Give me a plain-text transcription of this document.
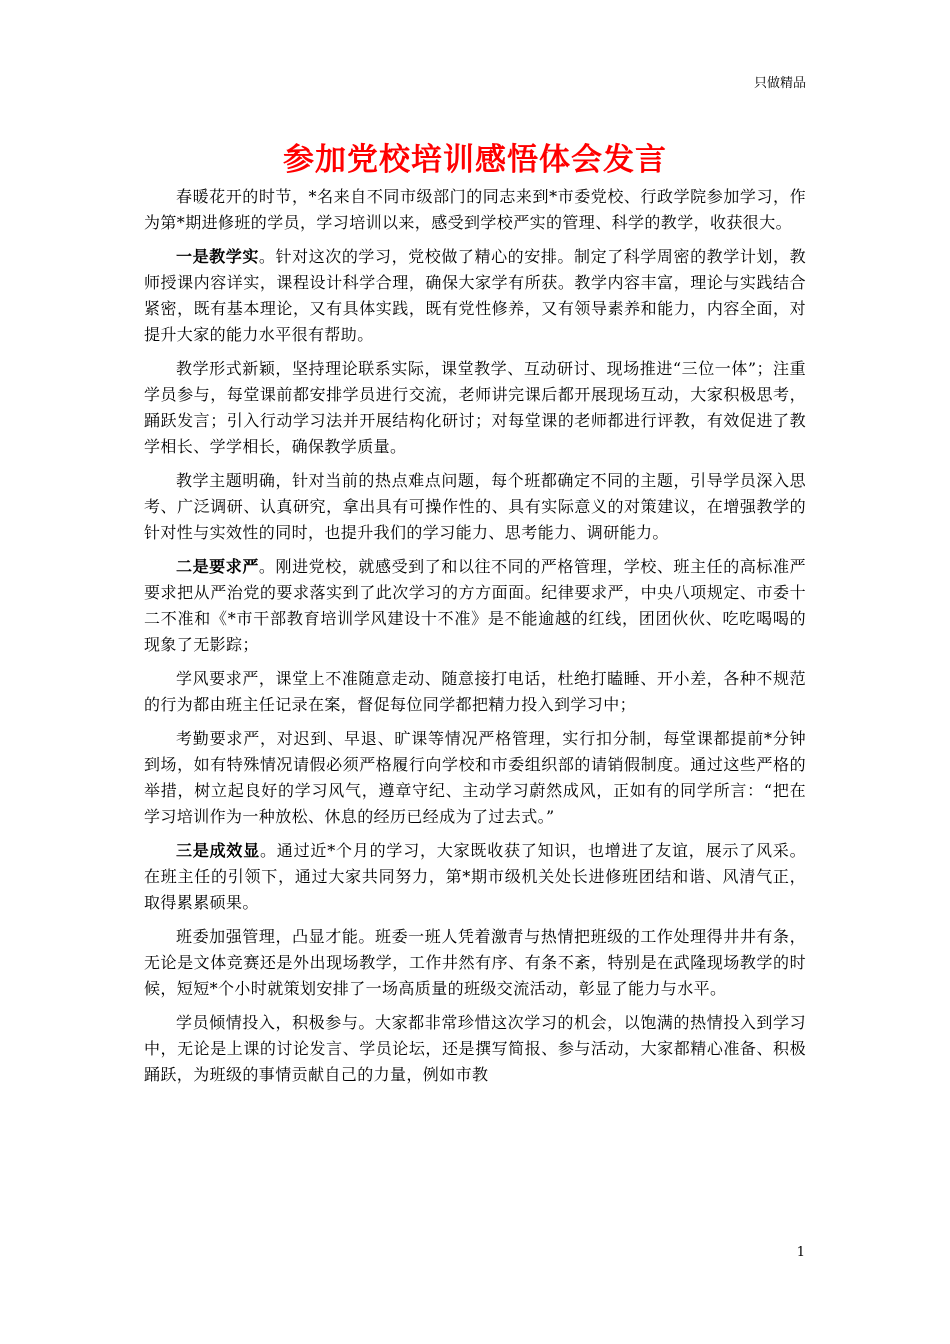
只做精品
参加党校培训感悟体会发言

春暖花开的时节，*名来自不同市级部门的同志来到*市委党校、行政学院参加学习，作为第*期进修班的学员，学习培训以来，感受到学校严实的管理、科学的教学，收获很大。

一是教学实。针对这次的学习，党校做了精心的安排。制定了科学周密的教学计划，教师授课内容详实，课程设计科学合理，确保大家学有所获。教学内容丰富，理论与实践结合紧密，既有基本理论，又有具体实践，既有党性修养，又有领导素养和能力，内容全面，对提升大家的能力水平很有帮助。

教学形式新颖，坚持理论联系实际，课堂教学、互动研讨、现场推进“三位一体”；注重学员参与，每堂课前都安排学员进行交流，老师讲完课后都开展现场互动，大家积极思考，踊跃发言；引入行动学习法并开展结构化研讨；对每堂课的老师都进行评教，有效促进了教学相长、学学相长，确保教学质量。

教学主题明确，针对当前的热点难点问题，每个班都确定不同的主题，引导学员深入思考、广泛调研、认真研究，拿出具有可操作性的、具有实际意义的对策建议，在增强教学的针对性与实效性的同时，也提升我们的学习能力、思考能力、调研能力。

二是要求严。刚进党校，就感受到了和以往不同的严格管理，学校、班主任的高标准严要求把从严治党的要求落实到了此次学习的方方面面。纪律要求严，中央八项规定、市委十二不准和《*市干部教育培训学风建设十不准》是不能逾越的红线，团团伙伙、吃吃喝喝的现象了无影踪；

学风要求严，课堂上不准随意走动、随意接打电话，杜绝打瞌睡、开小差，各种不规范的行为都由班主任记录在案，督促每位同学都把精力投入到学习中；

考勤要求严，对迟到、早退、旷课等情况严格管理，实行扣分制，每堂课都提前*分钟到场，如有特殊情况请假必须严格履行向学校和市委组织部的请销假制度。通过这些严格的举措，树立起良好的学习风气，遵章守纪、主动学习蔚然成风，正如有的同学所言：“把在学习培训作为一种放松、休息的经历已经成为了过去式。”

三是成效显。通过近*个月的学习，大家既收获了知识，也增进了友谊，展示了风采。在班主任的引领下，通过大家共同努力，第*期市级机关处长进修班团结和谐、风清气正，取得累累硕果。

班委加强管理，凸显才能。班委一班人凭着激青与热情把班级的工作处理得井井有条，无论是文体竞赛还是外出现场教学，工作井然有序、有条不紊，特别是在武隆现场教学的时候，短短*个小时就策划安排了一场高质量的班级交流活动，彰显了能力与水平。

学员倾情投入，积极参与。大家都非常珍惜这次学习的机会，以饱满的热情投入到学习中，无论是上课的讨论发言、学员论坛，还是撰写简报、参与活动，大家都精心准备、积极踊跃，为班级的事情贡献自己的力量，例如市教

1
